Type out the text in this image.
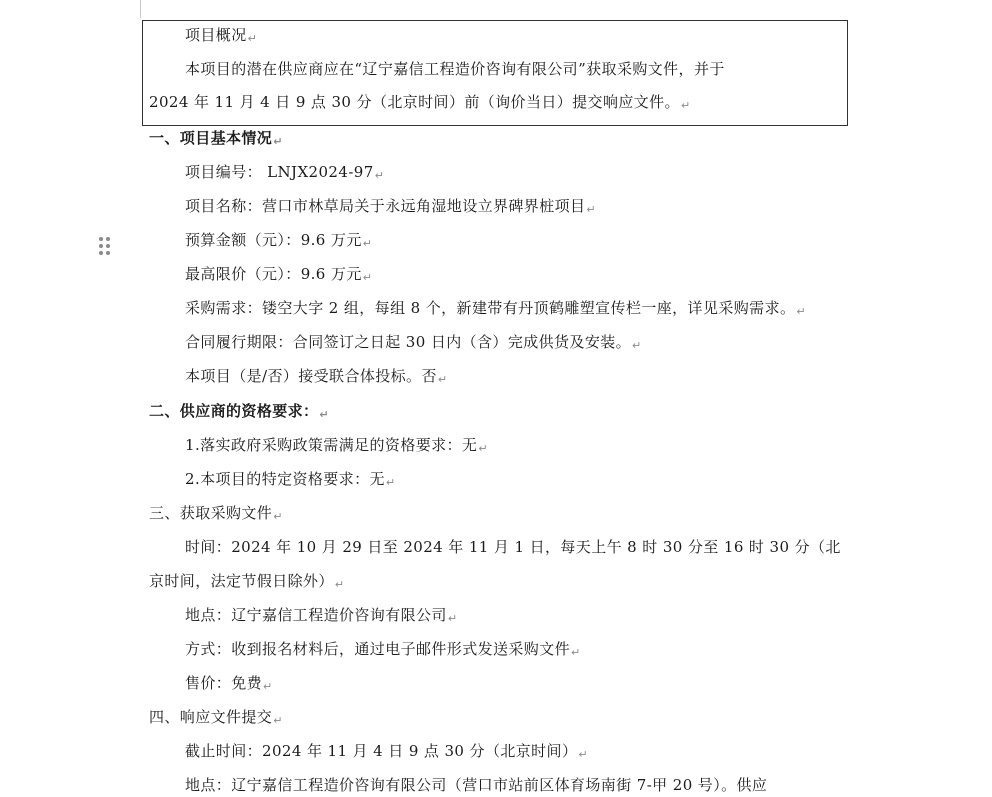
项目概况↵
本项目的潜在供应商应在“辽宁嘉信工程造价咨询有限公司”获取采购文件，并于
2024 年 11 月 4 日 9 点 30 分（北京时间）前（询价当日）提交响应文件。↵
一、项目基本情况↵
项目编号： LNJX2024-97↵
项目名称：营口市林草局关于永远角湿地设立界碑界桩项目↵
预算金额（元）：9.6 万元↵
最高限价（元）：9.6 万元↵
采购需求：镂空大字 2 组，每组 8 个，新建带有丹顶鹤雕塑宣传栏一座，详见采购需求。↵
合同履行期限：合同签订之日起 30 日内（含）完成供货及安装。↵
本项目（是/否）接受联合体投标。否↵
二、供应商的资格要求：↵
1.落实政府采购政策需满足的资格要求：无↵
2.本项目的特定资格要求：无↵
三、获取采购文件↵
时间：2024 年 10 月 29 日至 2024 年 11 月 1 日，每天上午 8 时 30 分至 16 时 30 分（北
京时间，法定节假日除外）↵
地点：辽宁嘉信工程造价咨询有限公司↵
方式：收到报名材料后，通过电子邮件形式发送采购文件↵
售价：免费↵
四、响应文件提交↵
截止时间：2024 年 11 月 4 日 9 点 30 分（北京时间）↵
地点：辽宁嘉信工程造价咨询有限公司（营口市站前区体育场南街 7-甲 20 号）。供应
